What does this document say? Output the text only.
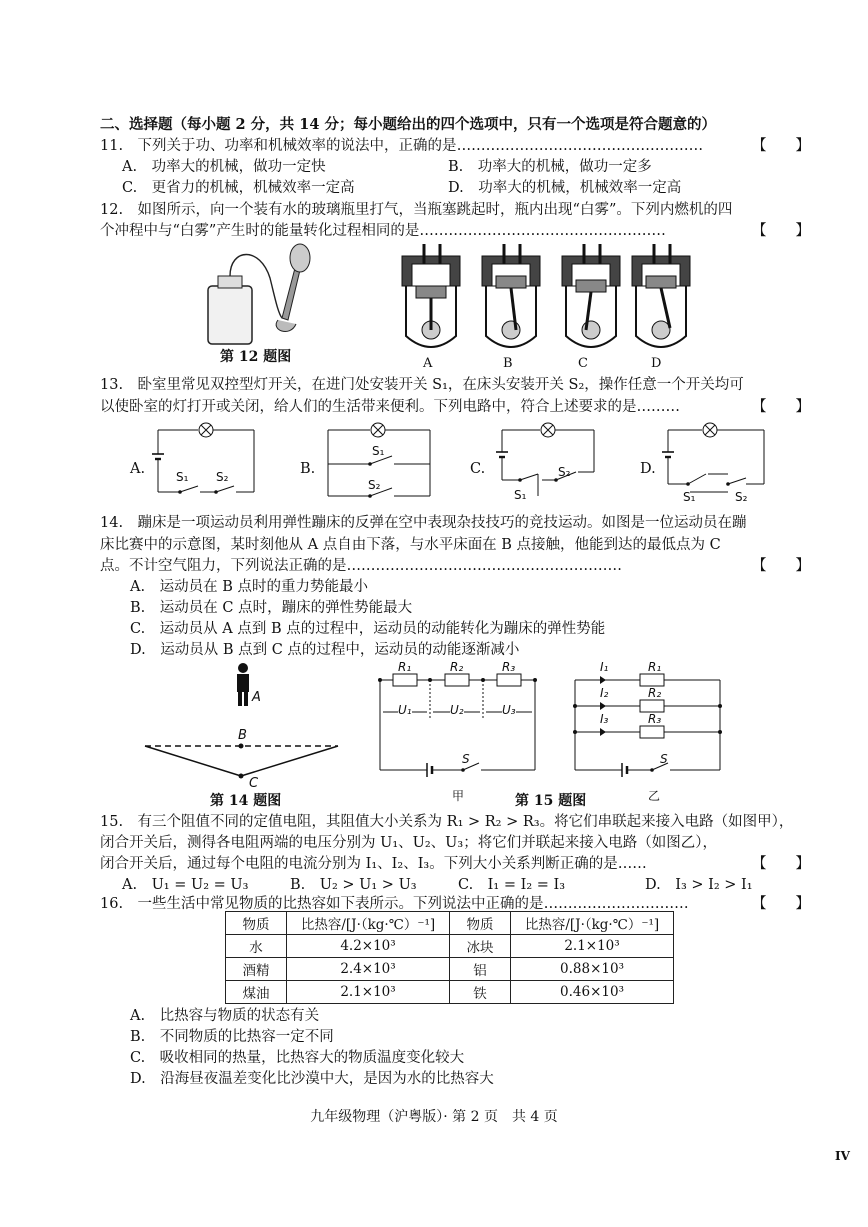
二、选择题（每小题 2 分，共 14 分；每小题给出的四个选项中，只有一个选项是符合题意的）
11.　下列关于功、功率和机械效率的说法中，正确的是……………………………………………	【　　】
A.　功率大的机械，做功一定快	B.　功率大的机械，做功一定多
C.　更省力的机械，机械效率一定高	D.　功率大的机械，机械效率一定高
12.　如图所示，向一个装有水的玻璃瓶里打气，当瓶塞跳起时，瓶内出现“白雾”。下列内燃机的四
个冲程中与“白雾”产生时的能量转化过程相同的是……………………………………………	【　　】
第 12 题图	A	B	C	D
13.　卧室里常见双控型灯开关，在进门处安装开关 S₁，在床头安装开关 S₂，操作任意一个开关均可
以使卧室的灯打开或关闭，给人们的生活带来便利。下列电路中，符合上述要求的是………	【　　】
A.	S₁ S₂	B.
S₁
S₂
C.
S₁
S₂	D.
S₁	S₂
14.　蹦床是一项运动员利用弹性蹦床的反弹在空中表现杂技技巧的竞技运动。如图是一位运动员在蹦
床比赛中的示意图，某时刻他从 A 点自由下落，与水平床面在 B 点接触，他能到达的最低点为 C
点。不计空气阻力，下列说法正确的是…………………………………………………	【　　】
A.　运动员在 B 点时的重力势能最小
B.　运动员在 C 点时，蹦床的弹性势能最大
C.　运动员从 A 点到 B 点的过程中，运动员的动能转化为蹦床的弹性势能
D.　运动员从 B 点到 C 点的过程中，运动员的动能逐渐减小
A
B
C
第 14 题图
R₁	R₂	R₃
U₁	U₂	U₃
S
甲
I₁	R₁
I₂	R₂
I₃	R₃
S
乙
第 15 题图
15.　有三个阻值不同的定值电阻，其阻值大小关系为 R₁ > R₂ > R₃。将它们串联起来接入电路（如图甲），
闭合开关后，测得各电阻两端的电压分别为 U₁、U₂、U₃；将它们并联起来接入电路（如图乙），
闭合开关后，通过每个电阻的电流分别为 I₁、I₂、I₃。下列大小关系判断正确的是……	【　　】
A.　U₁ = U₂ = U₃	B.　U₂ > U₁ > U₃	C.　I₁ = I₂ = I₃	D.　I₃ > I₂ > I₁
16.　一些生活中常见物质的比热容如下表所示。下列说法中正确的是…………………………	【　　】
物质	比热容/[J·（kg·℃）⁻¹]	物质	比热容/[J·（kg·℃）⁻¹]
水	4.2×10³	冰块	2.1×10³
酒精	2.4×10³	铝	0.88×10³
煤油	2.1×10³	铁	0.46×10³
A.　比热容与物质的状态有关
B.　不同物质的比热容一定不同
C.　吸收相同的热量，比热容大的物质温度变化较大
D.　沿海昼夜温差变化比沙漠中大，是因为水的比热容大
九年级物理（沪粤版）· 第 2 页　共 4 页
IV
